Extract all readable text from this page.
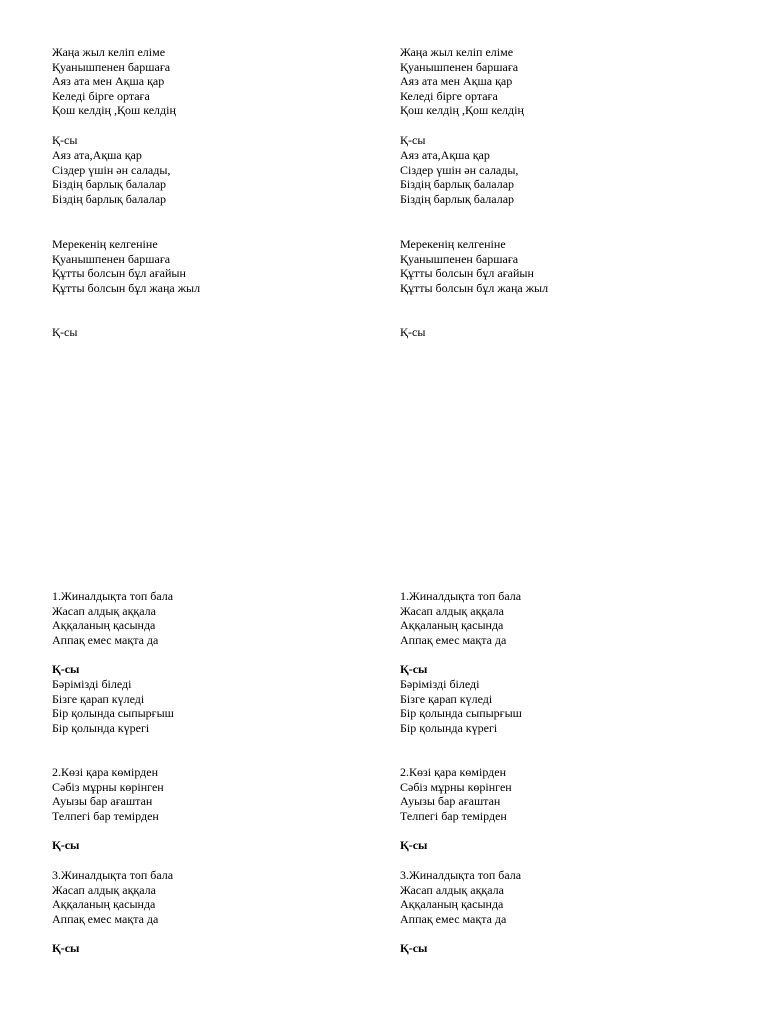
Жаңа жыл келіп еліме
Қуанышпенен баршаға
Аяз ата мен Ақша қар
Келеді бірге ортаға
Қош келдің ,Қош келдің
Қ-сы
Аяз ата,Ақша қар
Сіздер үшін ән салады,
Біздің барлық балалар
Біздің барлық балалар
Мерекенің келгеніне
Қуанышпенен баршаға
Құтты болсын бұл ағайын
Құтты болсын бұл жаңа жыл
Қ-сы
1.Жиналдықта топ бала
Жасап алдық аққала
Аққаланың қасында
Аппақ емес мақта да
Қ-сы
Бәрімізді біледі
Бізге қарап күледі
Бір қолында сыпырғыш
Бір қолында күрегі
2.Көзі қара көмірден
Сәбіз мұрны көрінген
Ауызы бар ағаштан
Телпегі бар темірден
Қ-сы
3.Жиналдықта топ бала
Жасап алдық аққала
Аққаланың қасында
Аппақ емес мақта да
Қ-сы
Жаңа жыл келіп еліме
Қуанышпенен баршаға
Аяз ата мен Ақша қар
Келеді бірге ортаға
Қош келдің ,Қош келдің
Қ-сы
Аяз ата,Ақша қар
Сіздер үшін ән салады,
Біздің барлық балалар
Біздің барлық балалар
Мерекенің келгеніне
Қуанышпенен баршаға
Құтты болсын бұл ағайын
Құтты болсын бұл жаңа жыл
Қ-сы
1.Жиналдықта топ бала
Жасап алдық аққала
Аққаланың қасында
Аппақ емес мақта да
Қ-сы
Бәрімізді біледі
Бізге қарап күледі
Бір қолында сыпырғыш
Бір қолында күрегі
2.Көзі қара көмірден
Сәбіз мұрны көрінген
Ауызы бар ағаштан
Телпегі бар темірден
Қ-сы
3.Жиналдықта топ бала
Жасап алдық аққала
Аққаланың қасында
Аппақ емес мақта да
Қ-сы
